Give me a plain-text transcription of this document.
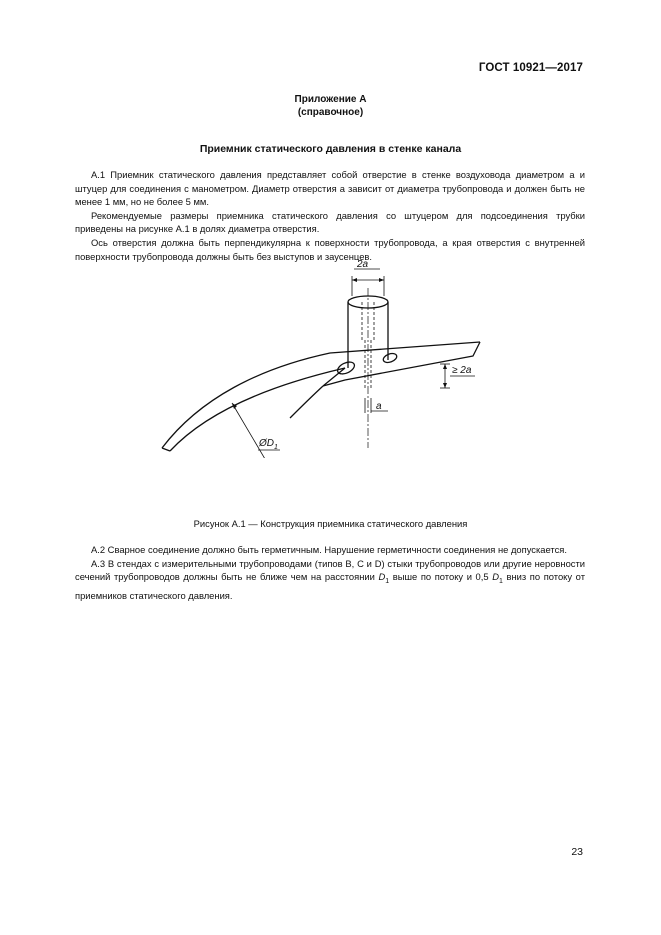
ГОСТ 10921—2017
Приложение А
(справочное)
Приемник статического давления в стенке канала

А.1 Приемник статического давления представляет собой отверстие в стенке воздуховода диаметром а и штуцер для соединения с манометром. Диаметр отверстия а зависит от диаметра трубопровода и должен быть не менее 1 мм, но не более 5 мм.

Рекомендуемые размеры приемника статического давления со штуцером для подсоединения трубки приведены на рисунке А.1 в долях диаметра отверстия.

Ось отверстия должна быть перпендикулярна к поверхности трубопровода, а края отверстия с внутренней поверхности трубопровода должны быть без выступов и заусенцев.

2a
≥ 2a
a
$ØD_1$
Рисунок А.1 — Конструкция приемника статического давления

А.2 Сварное соединение должно быть герметичным. Нарушение герметичности соединения не допускается.

А.3 В стендах с измерительными трубопроводами (типов В, С и D) стыки трубопроводов или другие неровности сечений трубопроводов должны быть не ближе чем на расстоянии $D_1$ выше по потоку и 0,5 $D_1$ вниз по потоку от приемников статического давления.

23
